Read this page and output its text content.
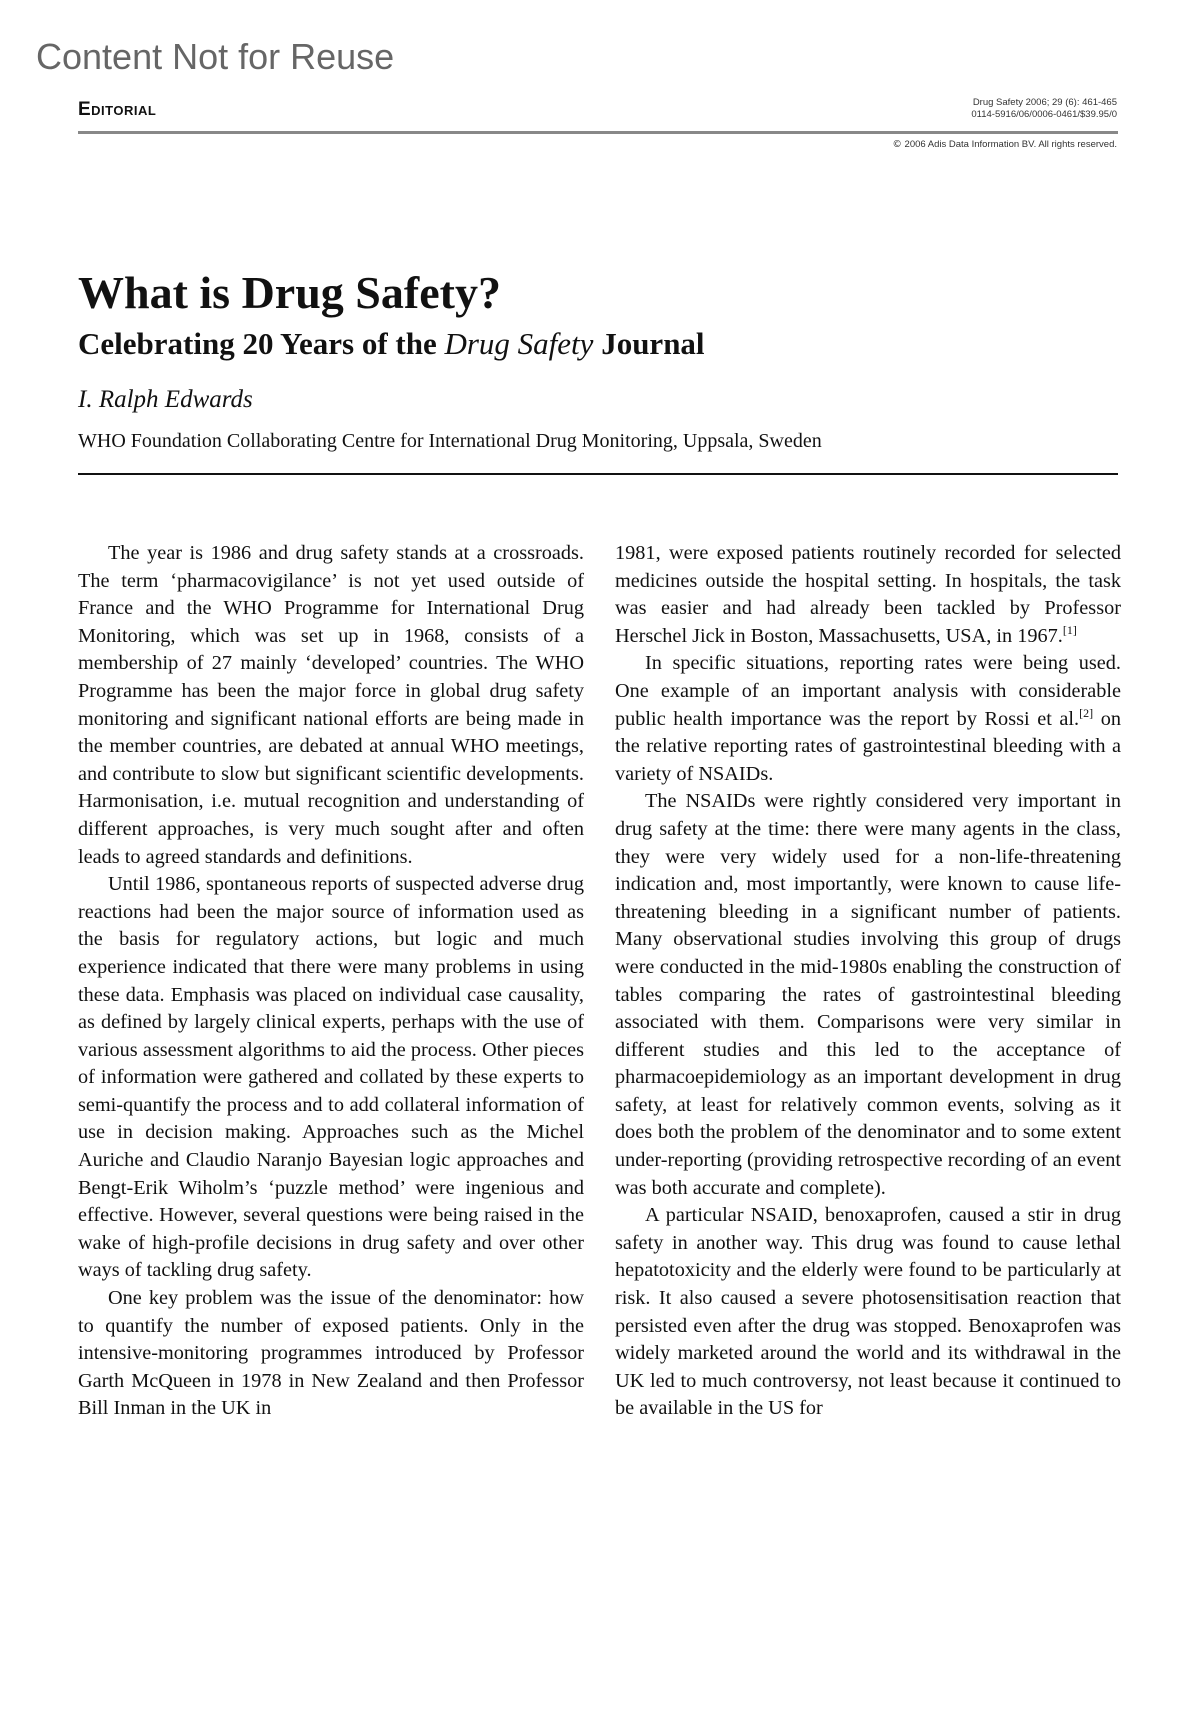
Content Not for Reuse
Editorial	Drug Safety 2006; 29 (6): 461-465
0114-5916/06/0006-0461/$39.95/0
© 2006 Adis Data Information BV. All rights reserved.
What is Drug Safety?
Celebrating 20 Years of the Drug Safety Journal
I. Ralph Edwards
WHO Foundation Collaborating Centre for International Drug Monitoring, Uppsala, Sweden

The year is 1986 and drug safety stands at a crossroads. The term ‘pharmacovigilance’ is not yet used outside of France and the WHO Programme for International Drug Monitoring, which was set up in 1968, consists of a membership of 27 mainly ‘developed’ countries. The WHO Programme has been the major force in global drug safety monitoring and significant national efforts are being made in the member countries, are debated at annual WHO meetings, and contribute to slow but significant scientific developments. Harmonisation, i.e. mutual recognition and understanding of different approaches, is very much sought after and often leads to agreed standards and definitions.

Until 1986, spontaneous reports of suspected adverse drug reactions had been the major source of information used as the basis for regulatory actions, but logic and much experience indicated that there were many problems in using these data. Emphasis was placed on individual case causality, as defined by largely clinical experts, perhaps with the use of various assessment algorithms to aid the process. Other pieces of information were gathered and collated by these experts to semi-quantify the process and to add collateral information of use in decision making. Approaches such as the Michel Auriche and Claudio Naranjo Bayesian logic approaches and Bengt-Erik Wiholm’s ‘puzzle method’ were ingenious and effective. However, several questions were being raised in the wake of high-profile decisions in drug safety and over other ways of tackling drug safety.

One key problem was the issue of the denominator: how to quantify the number of exposed patients. Only in the intensive-monitoring programmes introduced by Professor Garth McQueen in 1978 in New Zealand and then Professor Bill Inman in the UK in

1981, were exposed patients routinely recorded for selected medicines outside the hospital setting. In hospitals, the task was easier and had already been tackled by Professor Herschel Jick in Boston, Massachusetts, USA, in 1967.[1]

In specific situations, reporting rates were being used. One example of an important analysis with considerable public health importance was the report by Rossi et al.[2] on the relative reporting rates of gastrointestinal bleeding with a variety of NSAIDs.

The NSAIDs were rightly considered very important in drug safety at the time: there were many agents in the class, they were very widely used for a non-life-threatening indication and, most importantly, were known to cause life-threatening bleeding in a significant number of patients. Many observational studies involving this group of drugs were conducted in the mid-1980s enabling the construction of tables comparing the rates of gastrointestinal bleeding associated with them. Comparisons were very similar in different studies and this led to the acceptance of pharmacoepidemiology as an important development in drug safety, at least for relatively common events, solving as it does both the problem of the denominator and to some extent under-reporting (providing retrospective recording of an event was both accurate and complete).

A particular NSAID, benoxaprofen, caused a stir in drug safety in another way. This drug was found to cause lethal hepatotoxicity and the elderly were found to be particularly at risk. It also caused a severe photosensitisation reaction that persisted even after the drug was stopped. Benoxaprofen was widely marketed around the world and its withdrawal in the UK led to much controversy, not least because it continued to be available in the US for
